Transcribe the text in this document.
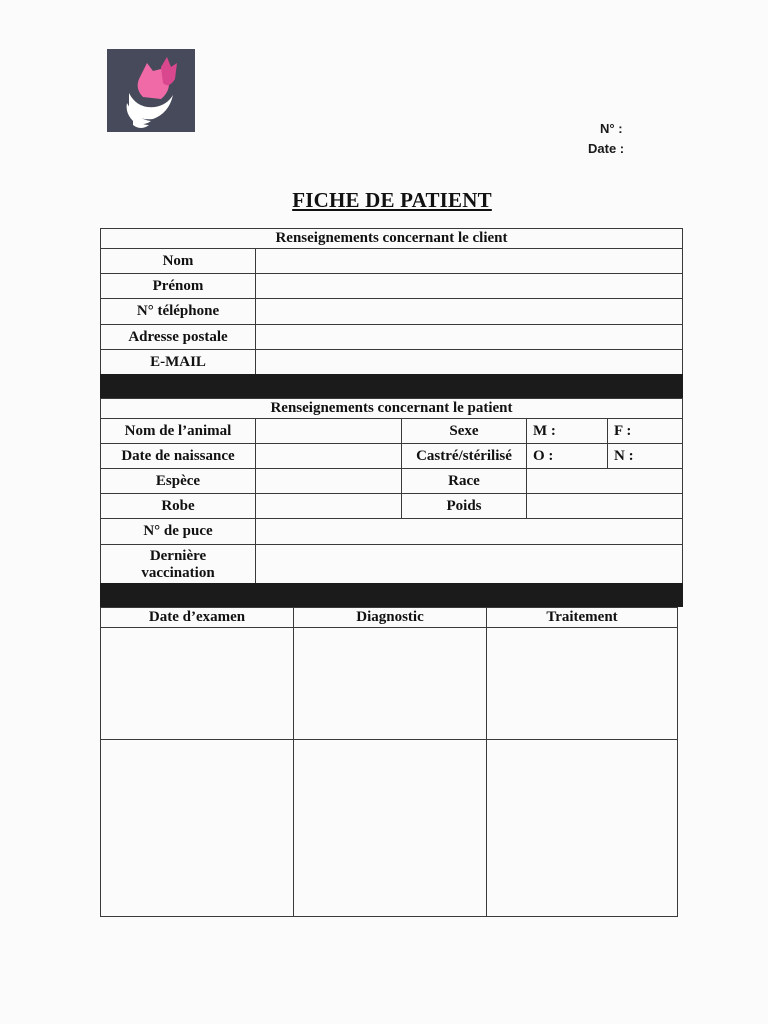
N° :
Date :
FICHE DE PATIENT
Renseignements concernant le client	
Nom	
Prénom	
N° téléphone	
Adresse postale	
E-MAIL	
Renseignements concernant le patient				
Nom de l’animal		Sexe	M :	F :
Date de naissance		Castré/stérilisé	O :	N :
Espèce		Race		
Robe		Poids		
N° de puce				
Dernière vaccination				
Date d’examen	Diagnostic	Traitement
